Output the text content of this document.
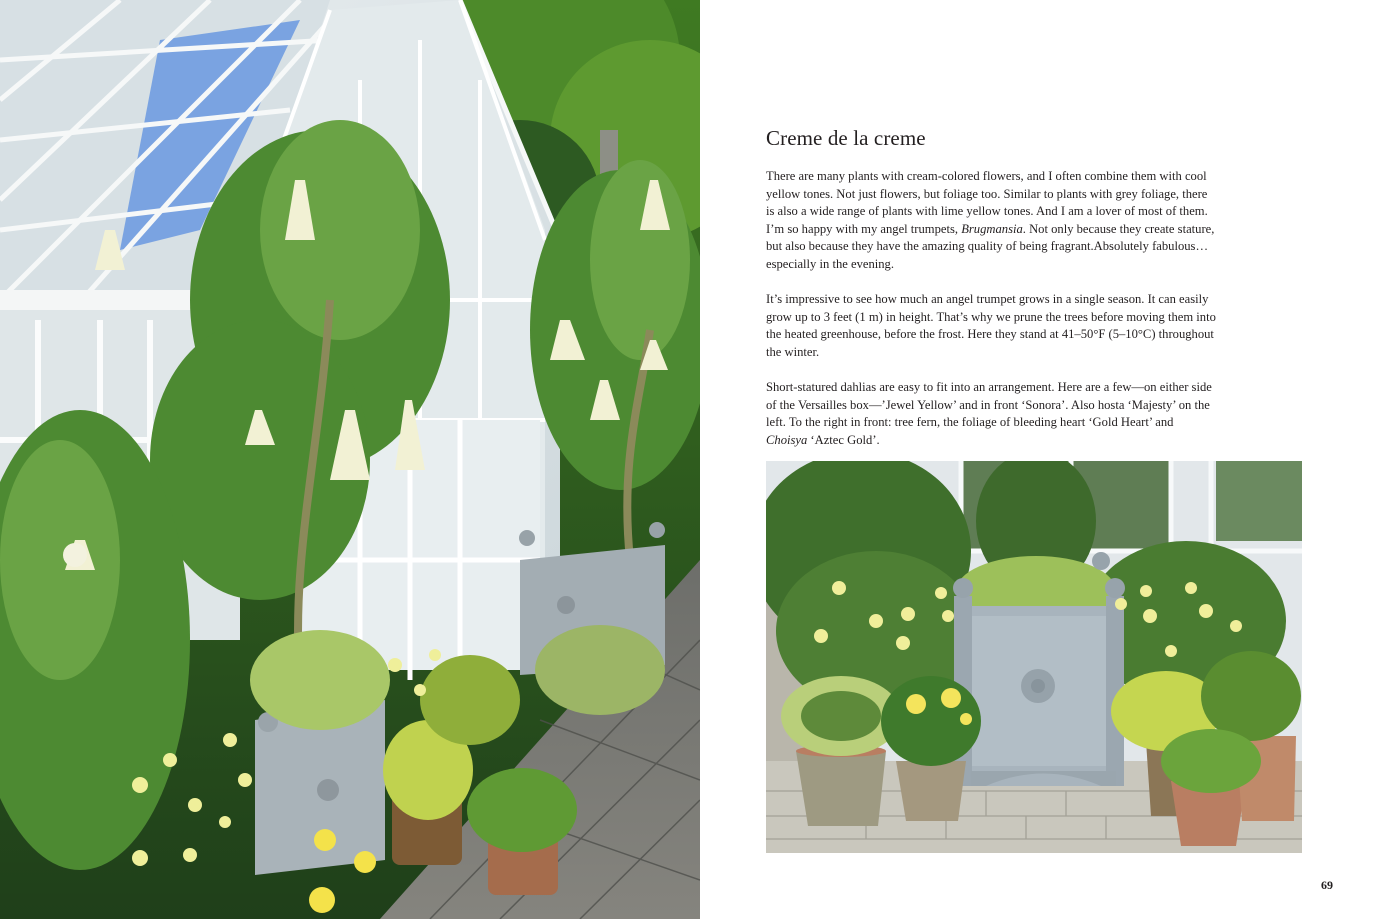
Creme de la creme

There are many plants with cream-colored flowers, and I often combine them with cool yellow tones. Not just flowers, but foliage too. Similar to plants with grey foliage, there is also a wide range of plants with lime yellow tones. And I am a lover of most of them. I’m so happy with my angel trumpets, Brugmansia. Not only because they create stature, but also because they have the amazing quality of being fragrant.Absolutely fabulous… especially in the evening.

It’s impressive to see how much an angel trumpet grows in a single season. It can easily grow up to 3 feet (1 m) in height. That’s why we prune the trees before moving them into the heated greenhouse, before the frost. Here they stand at 41–50°F (5–10°C) throughout the winter.

Short-statured dahlias are easy to fit into an arrangement. Here are a few—on either side of the Versailles box—’Jewel Yellow’ and in front ‘Sonora’. Also hosta ‘Majesty’ on the left. To the right in front: tree fern, the foliage of bleeding heart ‘Gold Heart’ and Choisya ‘Aztec Gold’.

69
